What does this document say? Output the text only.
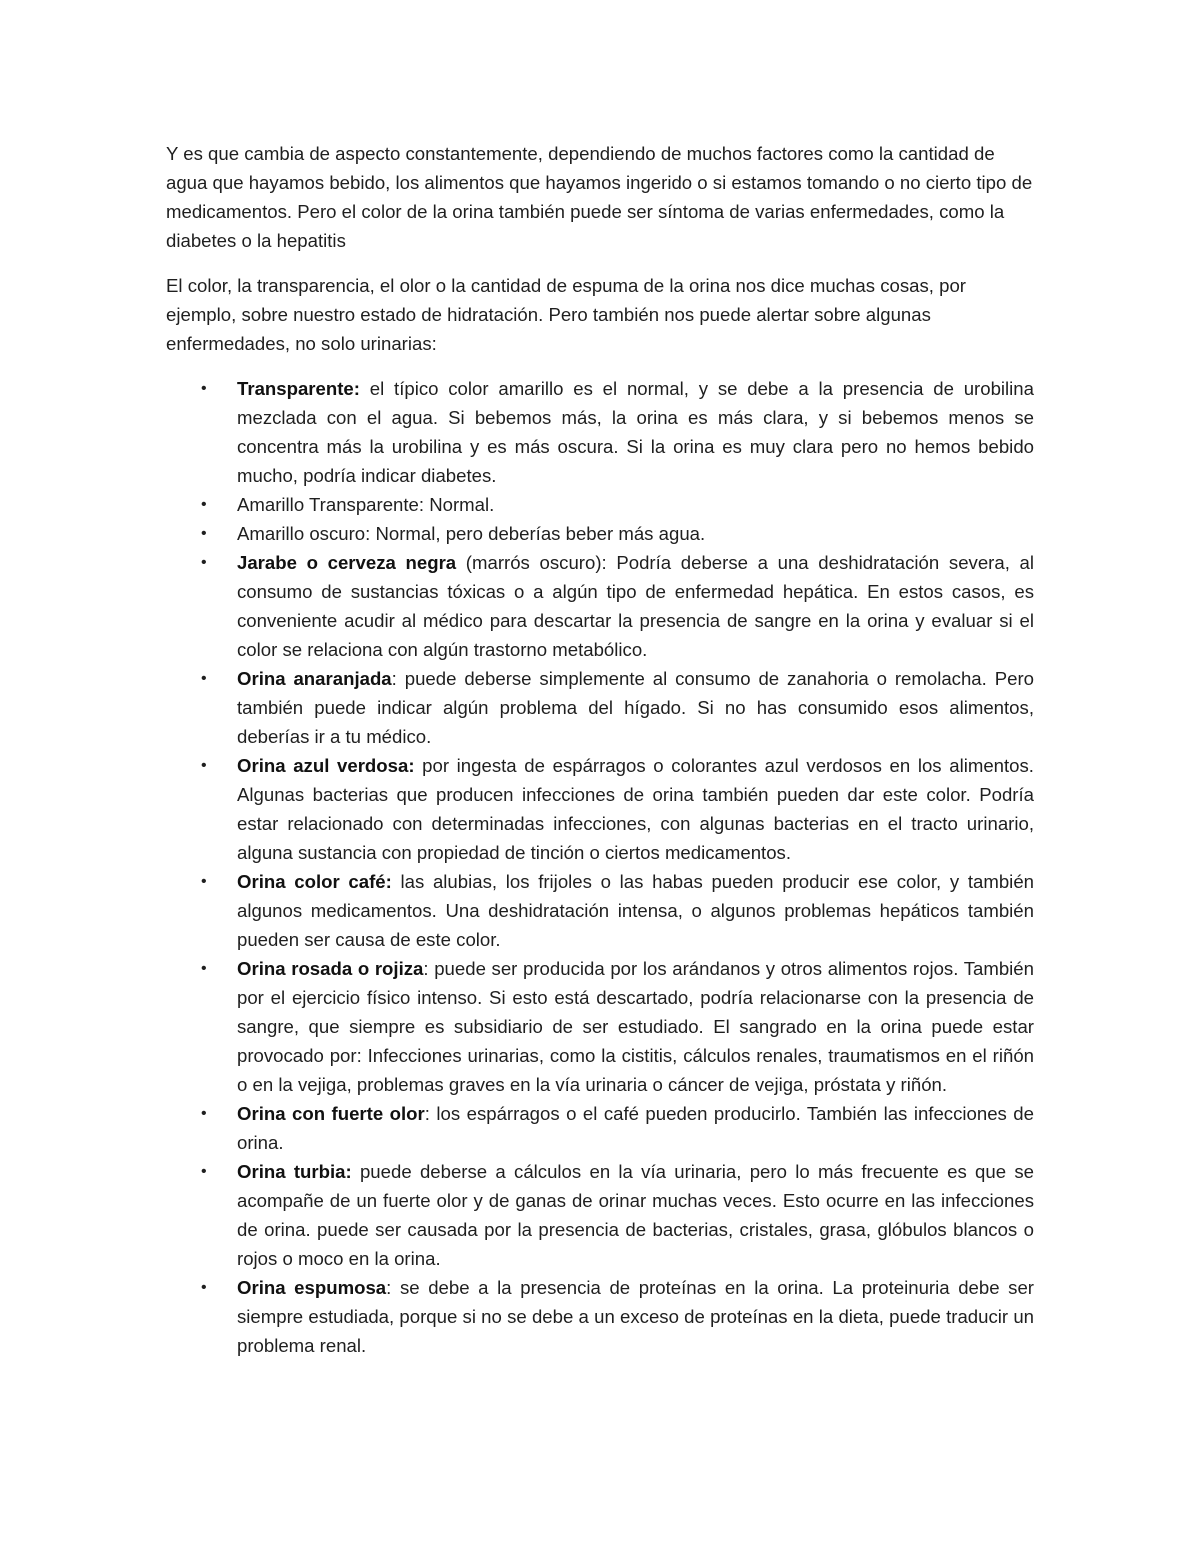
Y es que cambia de aspecto constantemente, dependiendo de muchos factores como la cantidad de agua que hayamos bebido, los alimentos que hayamos ingerido o si estamos tomando o no cierto tipo de medicamentos. Pero el color de la orina también puede ser síntoma de varias enfermedades, como la diabetes o la hepatitis

El color, la transparencia, el olor o la cantidad de espuma de la orina nos dice muchas cosas, por ejemplo, sobre nuestro estado de hidratación. Pero también nos puede alertar sobre algunas enfermedades, no solo urinarias:

•	Transparente: el típico color amarillo es el normal, y se debe a la presencia de urobilina mezclada con el agua. Si bebemos más, la orina es más clara, y si bebemos menos se concentra más la urobilina y es más oscura. Si la orina es muy clara pero no hemos bebido mucho, podría indicar diabetes.
•	Amarillo Transparente: Normal.
•	Amarillo oscuro: Normal, pero deberías beber más agua.
•	Jarabe o cerveza negra (marrós oscuro): Podría deberse a una deshidratación severa, al consumo de sustancias tóxicas o a algún tipo de enfermedad hepática. En estos casos, es conveniente acudir al médico para descartar la presencia de sangre en la orina y evaluar si el color se relaciona con algún trastorno metabólico.
•	Orina anaranjada: puede deberse simplemente al consumo de zanahoria o remolacha. Pero también puede indicar algún problema del hígado. Si no has consumido esos alimentos, deberías ir a tu médico.
•	Orina azul verdosa: por ingesta de espárragos o colorantes azul verdosos en los alimentos. Algunas bacterias que producen infecciones de orina también pueden dar este color. Podría estar relacionado con determinadas infecciones, con algunas bacterias en el tracto urinario, alguna sustancia con propiedad de tinción o ciertos medicamentos.
•	Orina color café: las alubias, los frijoles o las habas pueden producir ese color, y también algunos medicamentos. Una deshidratación intensa, o algunos problemas hepáticos también pueden ser causa de este color.
•	Orina rosada o rojiza: puede ser producida por los arándanos y otros alimentos rojos. También por el ejercicio físico intenso. Si esto está descartado, podría relacionarse con la presencia de sangre, que siempre es subsidiario de ser estudiado. El sangrado en la orina puede estar provocado por: Infecciones urinarias, como la cistitis, cálculos renales, traumatismos en el riñón o en la vejiga, problemas graves en la vía urinaria o cáncer de vejiga, próstata y riñón.
•	Orina con fuerte olor: los espárragos o el café pueden producirlo. También las infecciones de orina.
•	Orina turbia: puede deberse a cálculos en la vía urinaria, pero lo más frecuente es que se acompañe de un fuerte olor y de ganas de orinar muchas veces. Esto ocurre en las infecciones de orina. puede ser causada por la presencia de bacterias, cristales, grasa, glóbulos blancos o rojos o moco en la orina.
•	Orina espumosa: se debe a la presencia de proteínas en la orina. La proteinuria debe ser siempre estudiada, porque si no se debe a un exceso de proteínas en la dieta, puede traducir un problema renal.
